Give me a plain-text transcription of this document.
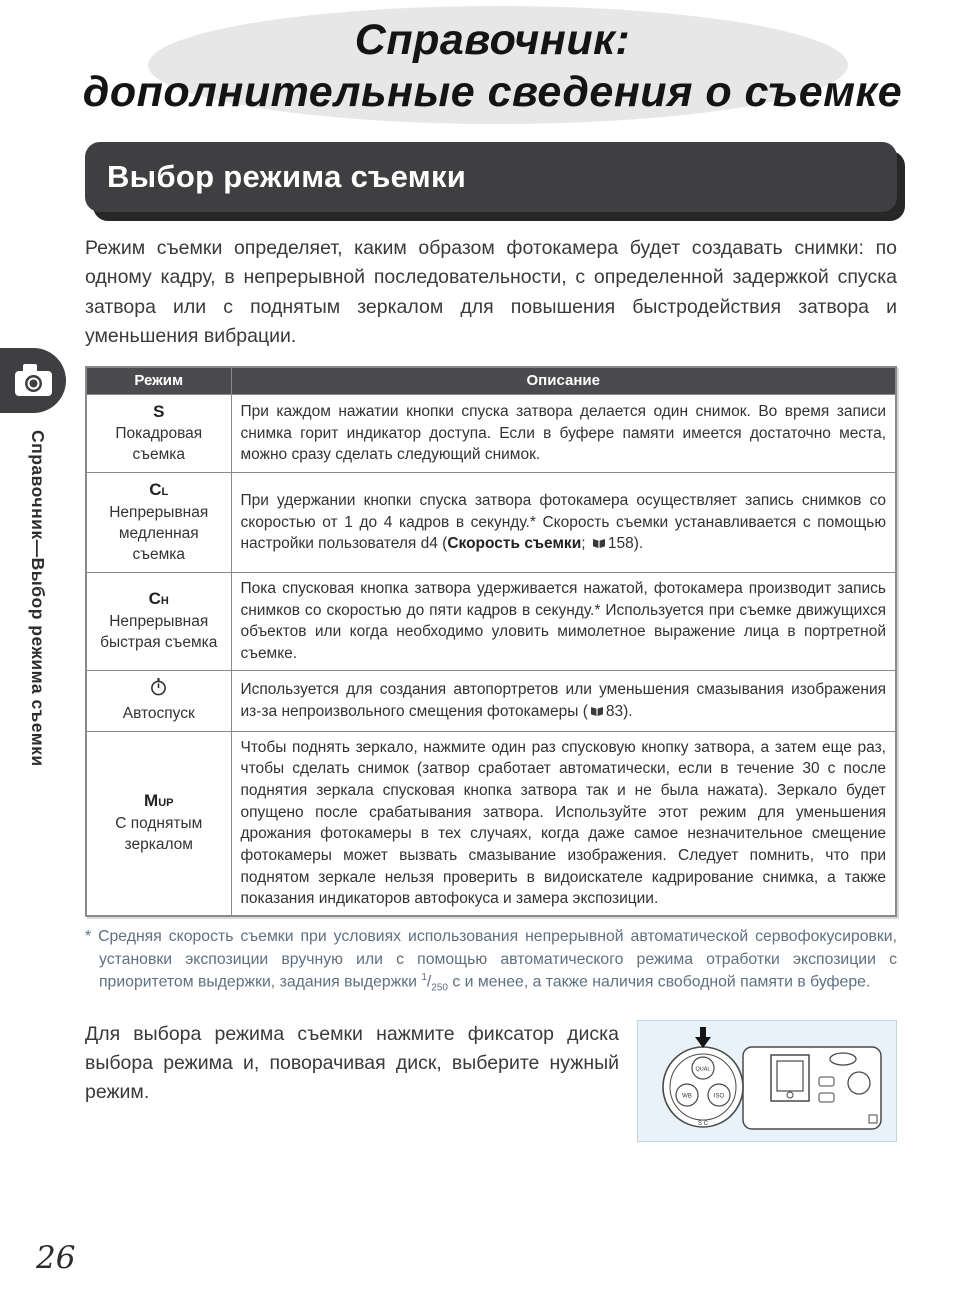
Справочник:
дополнительные сведения о съемке
Справочник—Выбор режима съемки
26
Выбор режима съемки

Режим съемки определяет, каким образом фотокамера будет создавать снимки: по одному кадру, в непрерывной последовательности, с определенной задержкой спуска затвора или с поднятым зеркалом для повышения быстродействия затвора и уменьшения вибрации.

Режим	Описание

S
Покадровая съемка	При каждом нажатии кнопки спуска затвора делается один снимок. Во время записи снимка горит индикатор доступа. Если в буфере памяти имеется достаточно места, можно сразу сделать следующий снимок.

CL
Непрерывная медленная съемка	При удержании кнопки спуска затвора фотокамера осуществляет запись снимков со скоростью от 1 до 4 кадров в секунду.* Скорость съемки устанавливается с помощью настройки пользователя d4 (Скорость съемки; 158).

CH
Непрерывная быстрая съемка	Пока спусковая кнопка затвора удерживается нажатой, фотокамера производит запись снимков со скоростью до пяти кадров в секунду.* Используется при съемке движущихся объектов или когда необходимо уловить мимолетное выражение лица в портретной съемке.

Автоспуск	Используется для создания автопортретов или уменьшения смазывания изображения из-за непроизвольного смещения фотокамеры ( 83).

MUP
С поднятым зеркалом	Чтобы поднять зеркало, нажмите один раз спусковую кнопку затвора, а затем еще раз, чтобы сделать снимок (затвор сработает автоматически, если в течение 30 с после поднятия зеркала спусковая кнопка затвора так и не была нажата). Зеркало будет опущено после срабатывания затвора. Используйте этот режим для уменьшения дрожания фотокамеры в тех случаях, когда даже самое незначительное смещение фотокамеры может вызвать смазывание изображения. Следует помнить, что при поднятом зеркале нельзя проверить в видоискателе кадрирование снимка, а также показания индикаторов автофокуса и замера экспозиции.

* Средняя скорость съемки при условиях использования непрерывной автоматической сервофокусировки, установки экспозиции вручную или с помощью автоматического режима отработки экспозиции с приоритетом выдержки, задания выдержки $^1/_{250}$ с и менее, а также наличия свободной памяти в буфере.

Для выбора режима съемки нажмите фиксатор диска выбора режима и, поворачивая диск, выберите нужный режим.

QUAL
WB	ISO
S C
